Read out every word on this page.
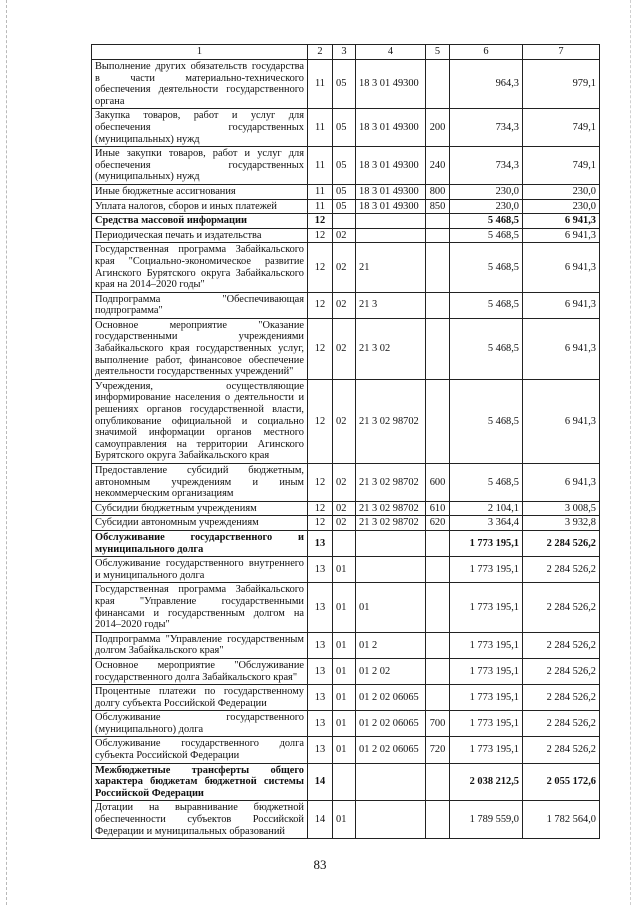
1	2	3	4	5	6	7
Выполнение других обязательств государства в части материально-технического обеспечения деятельности государственного органа	11	05	18 3 01 49300		964,3	979,1
Закупка товаров, работ и услуг для обеспечения государственных (муниципальных) нужд	11	05	18 3 01 49300	200	734,3	749,1
Иные закупки товаров, работ и услуг для обеспечения государственных (муниципальных) нужд	11	05	18 3 01 49300	240	734,3	749,1
Иные бюджетные ассигнования	11	05	18 3 01 49300	800	230,0	230,0
Уплата налогов, сборов и иных платежей	11	05	18 3 01 49300	850	230,0	230,0
Средства массовой информации	12				5 468,5	6 941,3
Периодическая печать и издательства	12	02			5 468,5	6 941,3
Государственная программа Забайкальского края "Социально-экономическое развитие Агинского Бурятского округа Забайкальского края на 2014–2020 годы"	12	02	21		5 468,5	6 941,3
Подпрограмма "Обеспечивающая подпрограмма"	12	02	21 3		5 468,5	6 941,3
Основное мероприятие "Оказание государственными учреждениями Забайкальского края государственных услуг, выполнение работ, финансовое обеспечение деятельности государственных учреждений"	12	02	21 3 02		5 468,5	6 941,3
Учреждения, осуществляющие информирование населения о деятельности и решениях органов государственной власти, опубликование официальной и социально значимой информации органов местного самоуправления на территории Агинского Бурятского округа Забайкальского края	12	02	21 3 02 98702		5 468,5	6 941,3
Предоставление субсидий бюджетным, автономным учреждениям и иным некоммерческим организациям	12	02	21 3 02 98702	600	5 468,5	6 941,3
Субсидии бюджетным учреждениям	12	02	21 3 02 98702	610	2 104,1	3 008,5
Субсидии автономным учреждениям	12	02	21 3 02 98702	620	3 364,4	3 932,8
Обслуживание государственного и муниципального долга	13				1 773 195,1	2 284 526,2
Обслуживание государственного внутреннего и муниципального долга	13	01			1 773 195,1	2 284 526,2
Государственная программа Забайкальского края "Управление государственными финансами и государственным долгом на 2014–2020 годы"	13	01	01		1 773 195,1	2 284 526,2
Подпрограмма "Управление государственным долгом Забайкальского края"	13	01	01 2		1 773 195,1	2 284 526,2
Основное мероприятие "Обслуживание государственного долга Забайкальского края"	13	01	01 2 02		1 773 195,1	2 284 526,2
Процентные платежи по государственному долгу субъекта Российской Федерации	13	01	01 2 02 06065		1 773 195,1	2 284 526,2
Обслуживание государственного (муниципального) долга	13	01	01 2 02 06065	700	1 773 195,1	2 284 526,2
Обслуживание государственного долга субъекта Российской Федерации	13	01	01 2 02 06065	720	1 773 195,1	2 284 526,2
Межбюджетные трансферты общего характера бюджетам бюджетной системы Российской Федерации	14				2 038 212,5	2 055 172,6
Дотации на выравнивание бюджетной обеспеченности субъектов Российской Федерации и муниципальных образований	14	01			1 789 559,0	1 782 564,0
83
